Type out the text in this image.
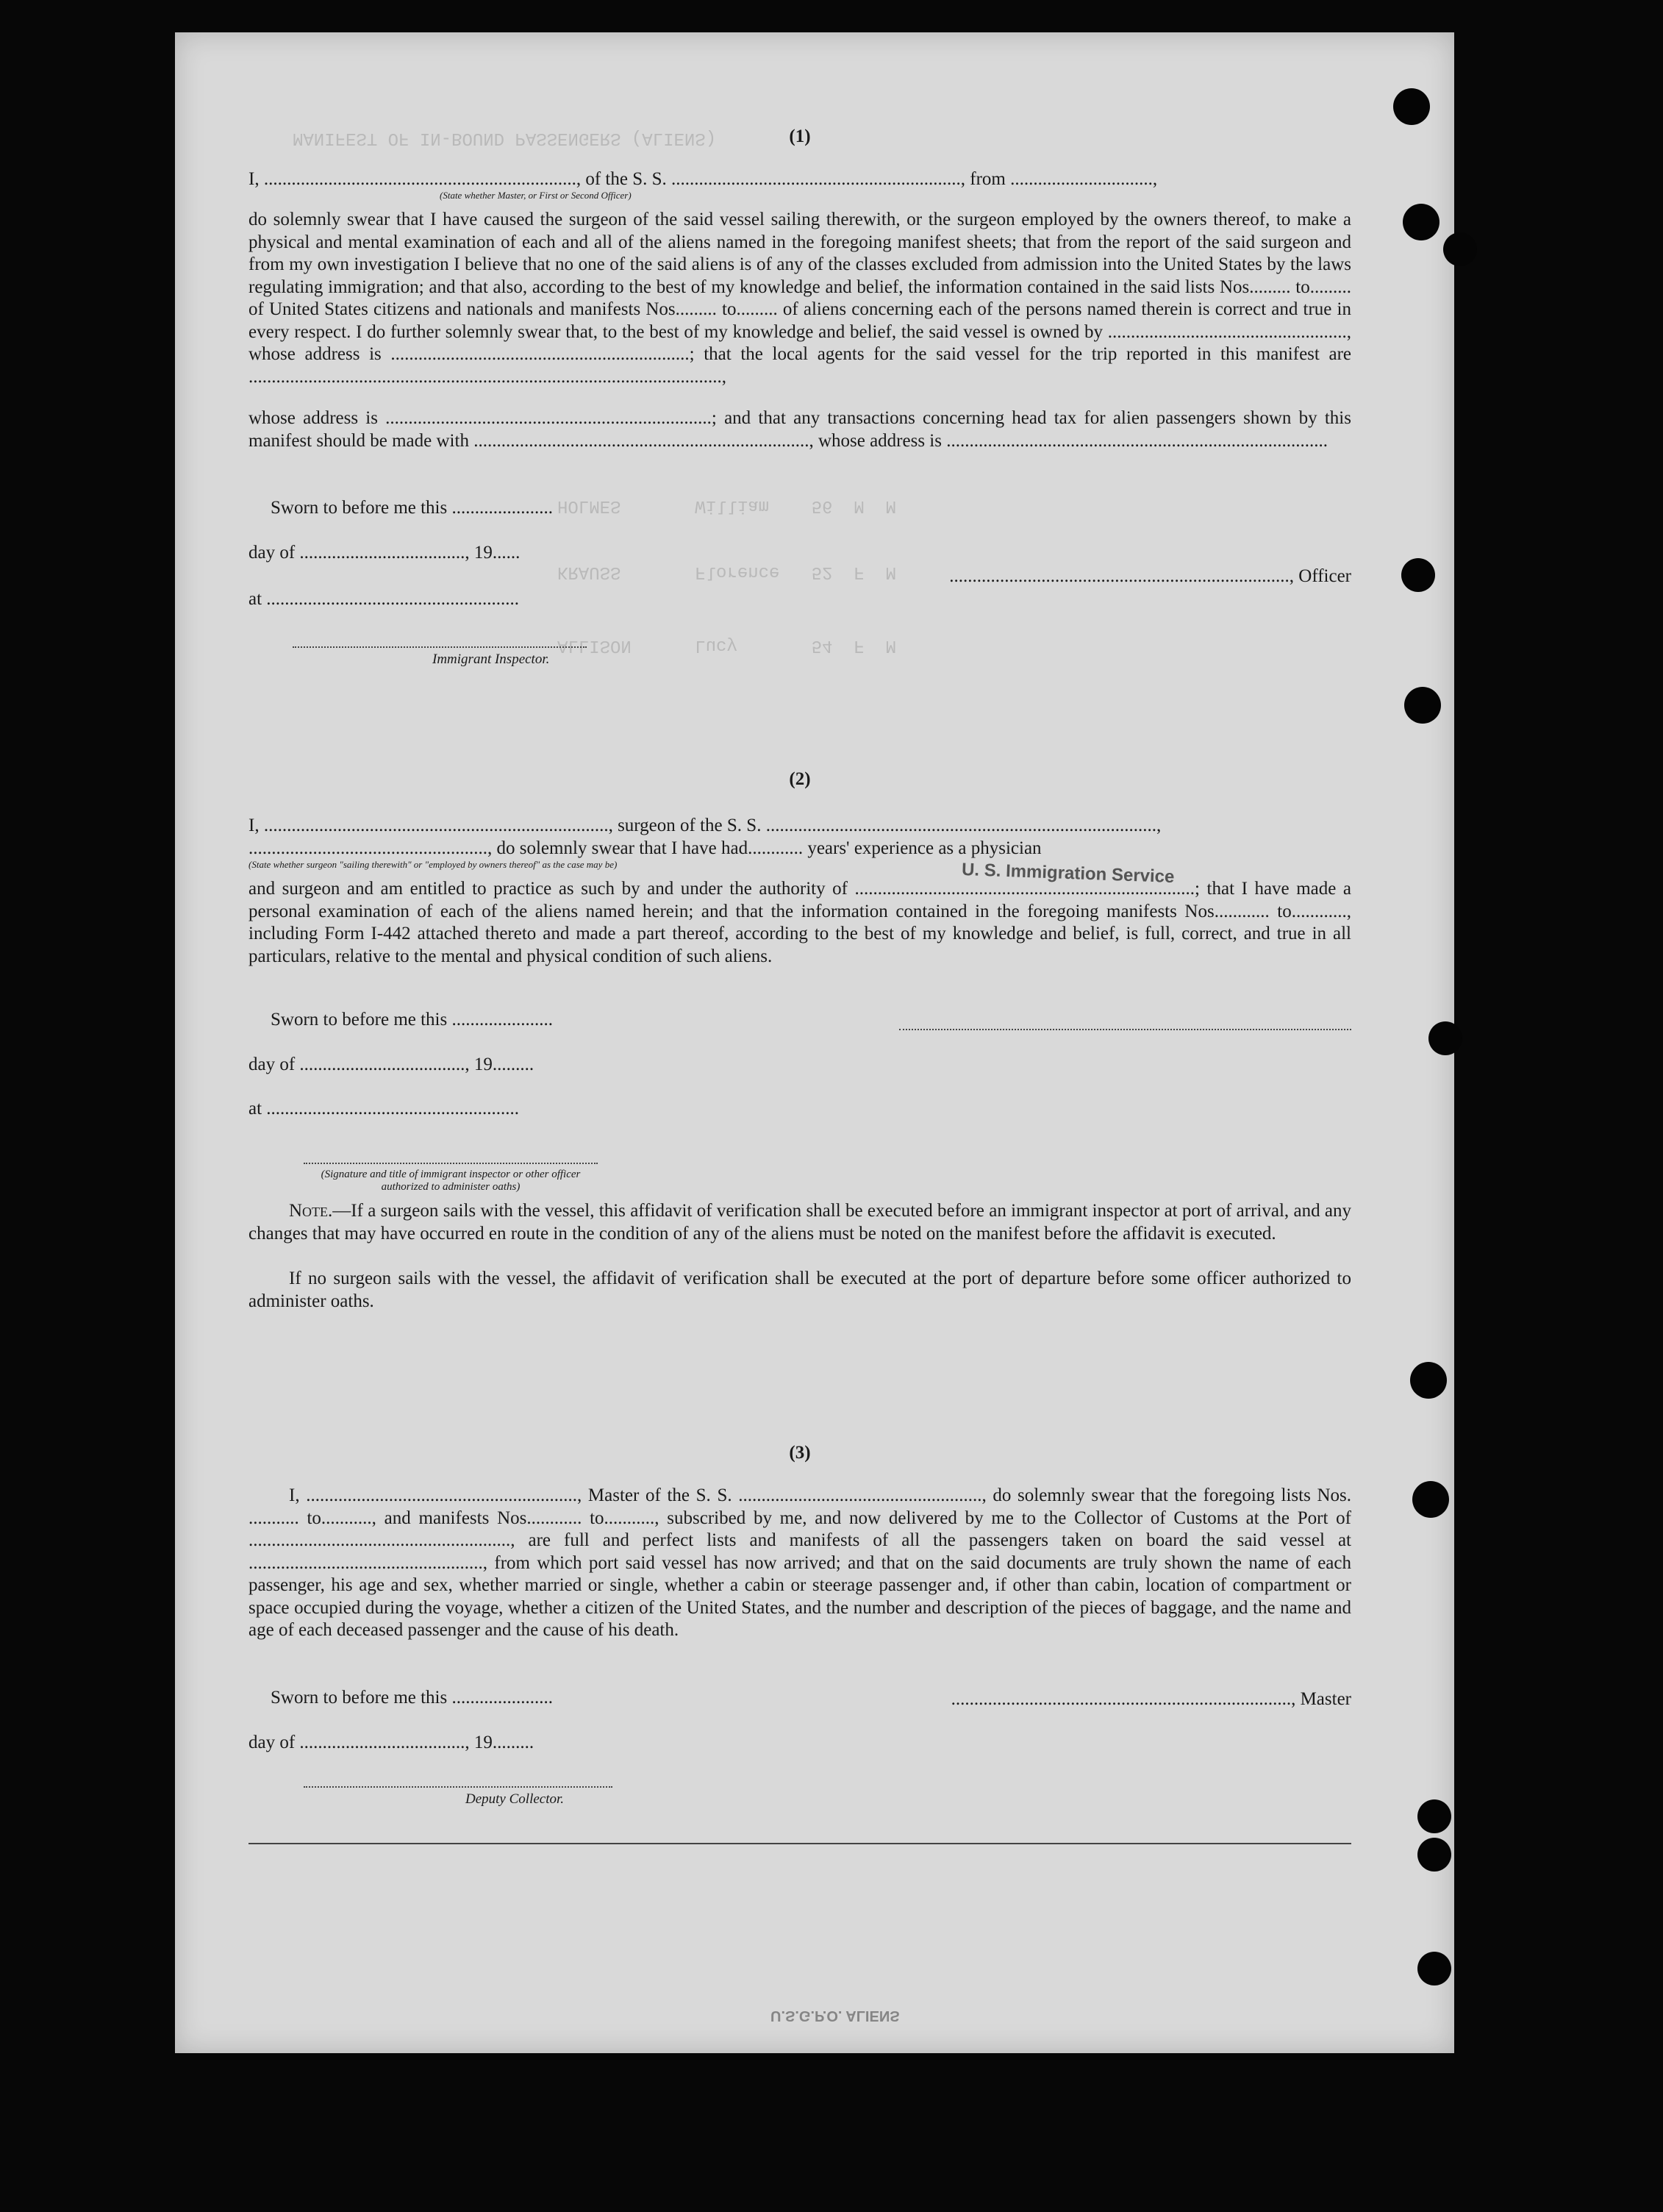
MANIFEST OF IN-BOUND PASSENGERS (ALIENS)
HOLMES       William    56  M  M
KRAUSS       Florence   52  F  M
ALLISON      Lucy       54  F  M
(1)
I, ...................................................................., of the S. S. ..............................................................., from ...............................,
(State whether Master, or First or Second Officer)

do solemnly swear that I have caused the surgeon of the said vessel sailing therewith, or the surgeon employed by the owners thereof, to make a physical and mental examination of each and all of the aliens named in the foregoing manifest sheets; that from the report of the said surgeon and from my own investigation I believe that no one of the said aliens is of any of the classes excluded from admission into the United States by the laws regulating immigration; and that also, according to the best of my knowledge and belief, the information contained in the said lists Nos......... to......... of United States citizens and nationals and manifests Nos......... to......... of aliens concerning each of the persons named therein is correct and true in every respect. I do further solemnly swear that, to the best of my knowledge and belief, the said vessel is owned by ...................................................., whose address is .................................................................; that the local agents for the said vessel for the trip reported in this manifest are .......................................................................................................,

whose address is .......................................................................; and that any transactions concerning head tax for alien passengers shown by this manifest should be made with ........................................................................., whose address is ...................................................................................

Sworn to before me this ......................
day of ...................................., 19......
.........................................................................., Officer
at .......................................................
Immigrant Inspector.
(2)
I, ..........................................................................., surgeon of the S. S. .....................................................................................,
...................................................., do solemnly swear that I have had............ years' experience as a physician
(State whether surgeon "sailing therewith" or "employed by owners thereof" as the case may be)

and surgeon and am entitled to practice as such by and under the authority of ..........................................................................; that I have made a personal examination of each of the aliens named herein; and that the information contained in the foregoing manifests Nos............ to............, including Form I-442 attached thereto and made a part thereof, according to the best of my knowledge and belief, is full, correct, and true in all particulars, relative to the mental and physical condition of such aliens.

Sworn to before me this ......................
day of ...................................., 19.........
at .......................................................
(Signature and title of immigrant inspector or other officer authorized to administer oaths)

Note.—If a surgeon sails with the vessel, this affidavit of verification shall be executed before an immigrant inspector at port of arrival, and any changes that may have occurred en route in the condition of any of the aliens must be noted on the manifest before the affidavit is executed.

If no surgeon sails with the vessel, the affidavit of verification shall be executed at the port of departure before some officer authorized to administer oaths.

(3)

I, ..........................................................., Master of the S. S. ....................................................., do solemnly swear that the foregoing lists Nos. ........... to..........., and manifests Nos............ to..........., subscribed by me, and now delivered by me to the Collector of Customs at the Port of ........................................................., are full and perfect lists and manifests of all the passengers taken on board the said vessel at ..................................................., from which port said vessel has now arrived; and that on the said documents are truly shown the name of each passenger, his age and sex, whether married or single, whether a cabin or steerage passenger and, if other than cabin, location of compartment or space occupied during the voyage, whether a citizen of the United States, and the number and description of the pieces of baggage, and the name and age of each deceased passenger and the cause of his death.

Sworn to before me this ......................	.........................................................................., Master
day of ...................................., 19.........
Deputy Collector.
U. S. Immigration Service
U.S.G.P.O. ALIENS
